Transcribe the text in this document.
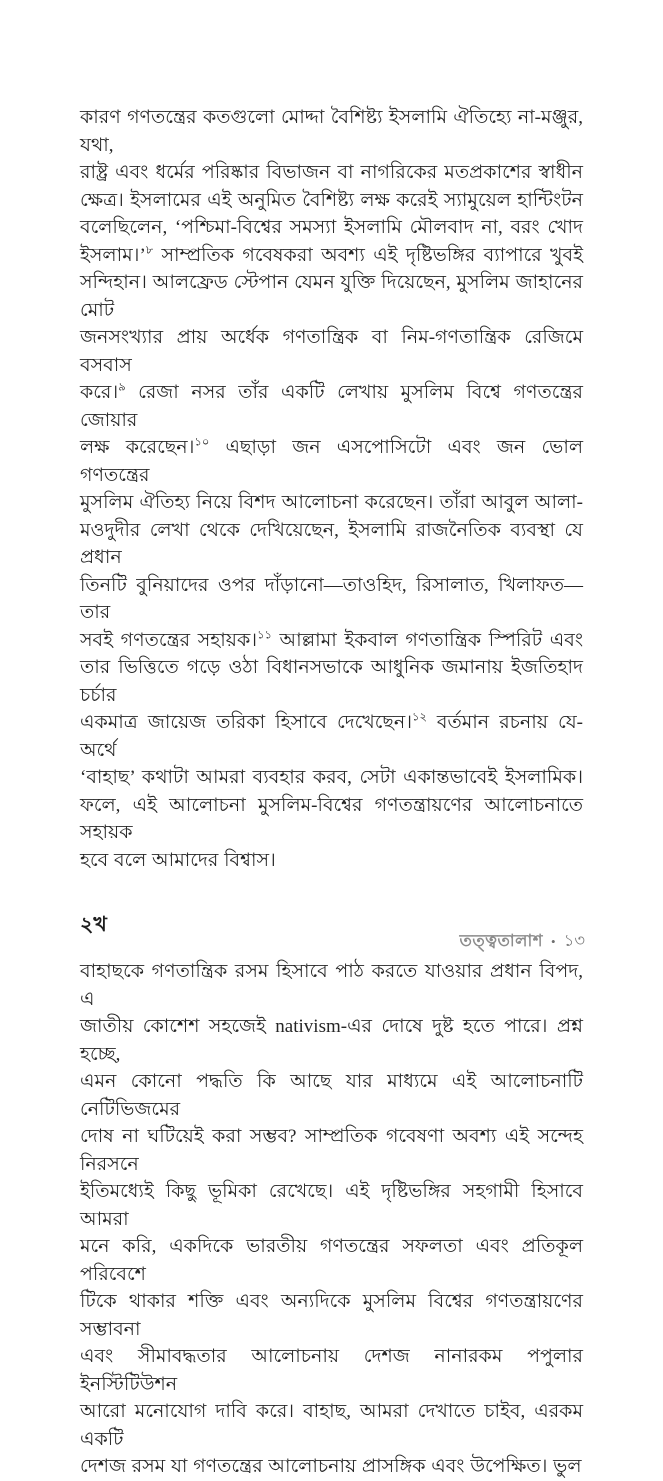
কারণ গণতন্ত্রের কতগুলো মোদ্দা বৈশিষ্ট্য ইসলামি ঐতিহ্যে না-মঞ্জুর, যথা,
রাষ্ট্র এবং ধর্মের পরিষ্কার বিভাজন বা নাগরিকের মতপ্রকাশের স্বাধীন
ক্ষেত্র। ইসলামের এই অনুমিত বৈশিষ্ট্য লক্ষ করেই স্যামুয়েল হান্টিংটন
বলেছিলেন, ‘পশ্চিমা-বিশ্বের সমস্যা ইসলামি মৌলবাদ না, বরং খোদ
ইসলাম।’$^৮$ সাম্প্রতিক গবেষকরা অবশ্য এই দৃষ্টিভঙ্গির ব্যাপারে খুবই
সন্দিহান। আলফ্রেড স্টেপান যেমন যুক্তি দিয়েছেন, মুসলিম জাহানের মোট
জনসংখ্যার প্রায় অর্ধেক গণতান্ত্রিক বা নিম-গণতান্ত্রিক রেজিমে বসবাস
করে।$^৯$ রেজা নসর তাঁর একটি লেখায় মুসলিম বিশ্বে গণতন্ত্রের জোয়ার
লক্ষ করেছেন।$^{১০}$ এছাড়া জন এসপোসিটো এবং জন ভোল গণতন্ত্রের
মুসলিম ঐতিহ্য নিয়ে বিশদ আলোচনা করেছেন। তাঁরা আবুল আলা-
মওদুদীর লেখা থেকে দেখিয়েছেন, ইসলামি রাজনৈতিক ব্যবস্থা যে প্রধান
তিনটি বুনিয়াদের ওপর দাঁড়ানো—তাওহিদ, রিসালাত, খিলাফত—তার
সবই গণতন্ত্রের সহায়ক।$^{১১}$ আল্লামা ইকবাল গণতান্ত্রিক স্পিরিট এবং
তার ভিত্তিতে গড়ে ওঠা বিধানসভাকে আধুনিক জমানায় ইজতিহাদ চর্চার
একমাত্র জায়েজ তরিকা হিসাবে দেখেছেন।$^{১২}$ বর্তমান রচনায় যে-অর্থে
‘বাহাছ’ কথাটা আমরা ব্যবহার করব, সেটা একান্তভাবেই ইসলামিক।
ফলে, এই আলোচনা মুসলিম-বিশ্বের গণতন্ত্রায়ণের আলোচনাতে সহায়ক
হবে বলে আমাদের বিশ্বাস।
২খ
বাহাছকে গণতান্ত্রিক রসম হিসাবে পাঠ করতে যাওয়ার প্রধান বিপদ, এ
জাতীয় কোশেশ সহজেই nativism-এর দোষে দুষ্ট হতে পারে। প্রশ্ন হচ্ছে,
এমন কোনো পদ্ধতি কি আছে যার মাধ্যমে এই আলোচনাটি নেটিভিজমের
দোষ না ঘটিয়েই করা সম্ভব? সাম্প্রতিক গবেষণা অবশ্য এই সন্দেহ নিরসনে
ইতিমধ্যেই কিছু ভূমিকা রেখেছে। এই দৃষ্টিভঙ্গির সহগামী হিসাবে আমরা
মনে করি, একদিকে ভারতীয় গণতন্ত্রের সফলতা এবং প্রতিকূল পরিবেশে
টিকে থাকার শক্তি এবং অন্যদিকে মুসলিম বিশ্বের গণতন্ত্রায়ণের সম্ভাবনা
এবং সীমাবদ্ধতার আলোচনায় দেশজ নানারকম পপুলার ইনস্টিটিউশন
আরো মনোযোগ দাবি করে। বাহাছ, আমরা দেখাতে চাইব, এরকম একটি
দেশজ রসম যা গণতন্ত্রের আলোচনায় প্রাসঙ্গিক এবং উপেক্ষিত। ভুল
তত্ত্বতালাশ • ১৩
